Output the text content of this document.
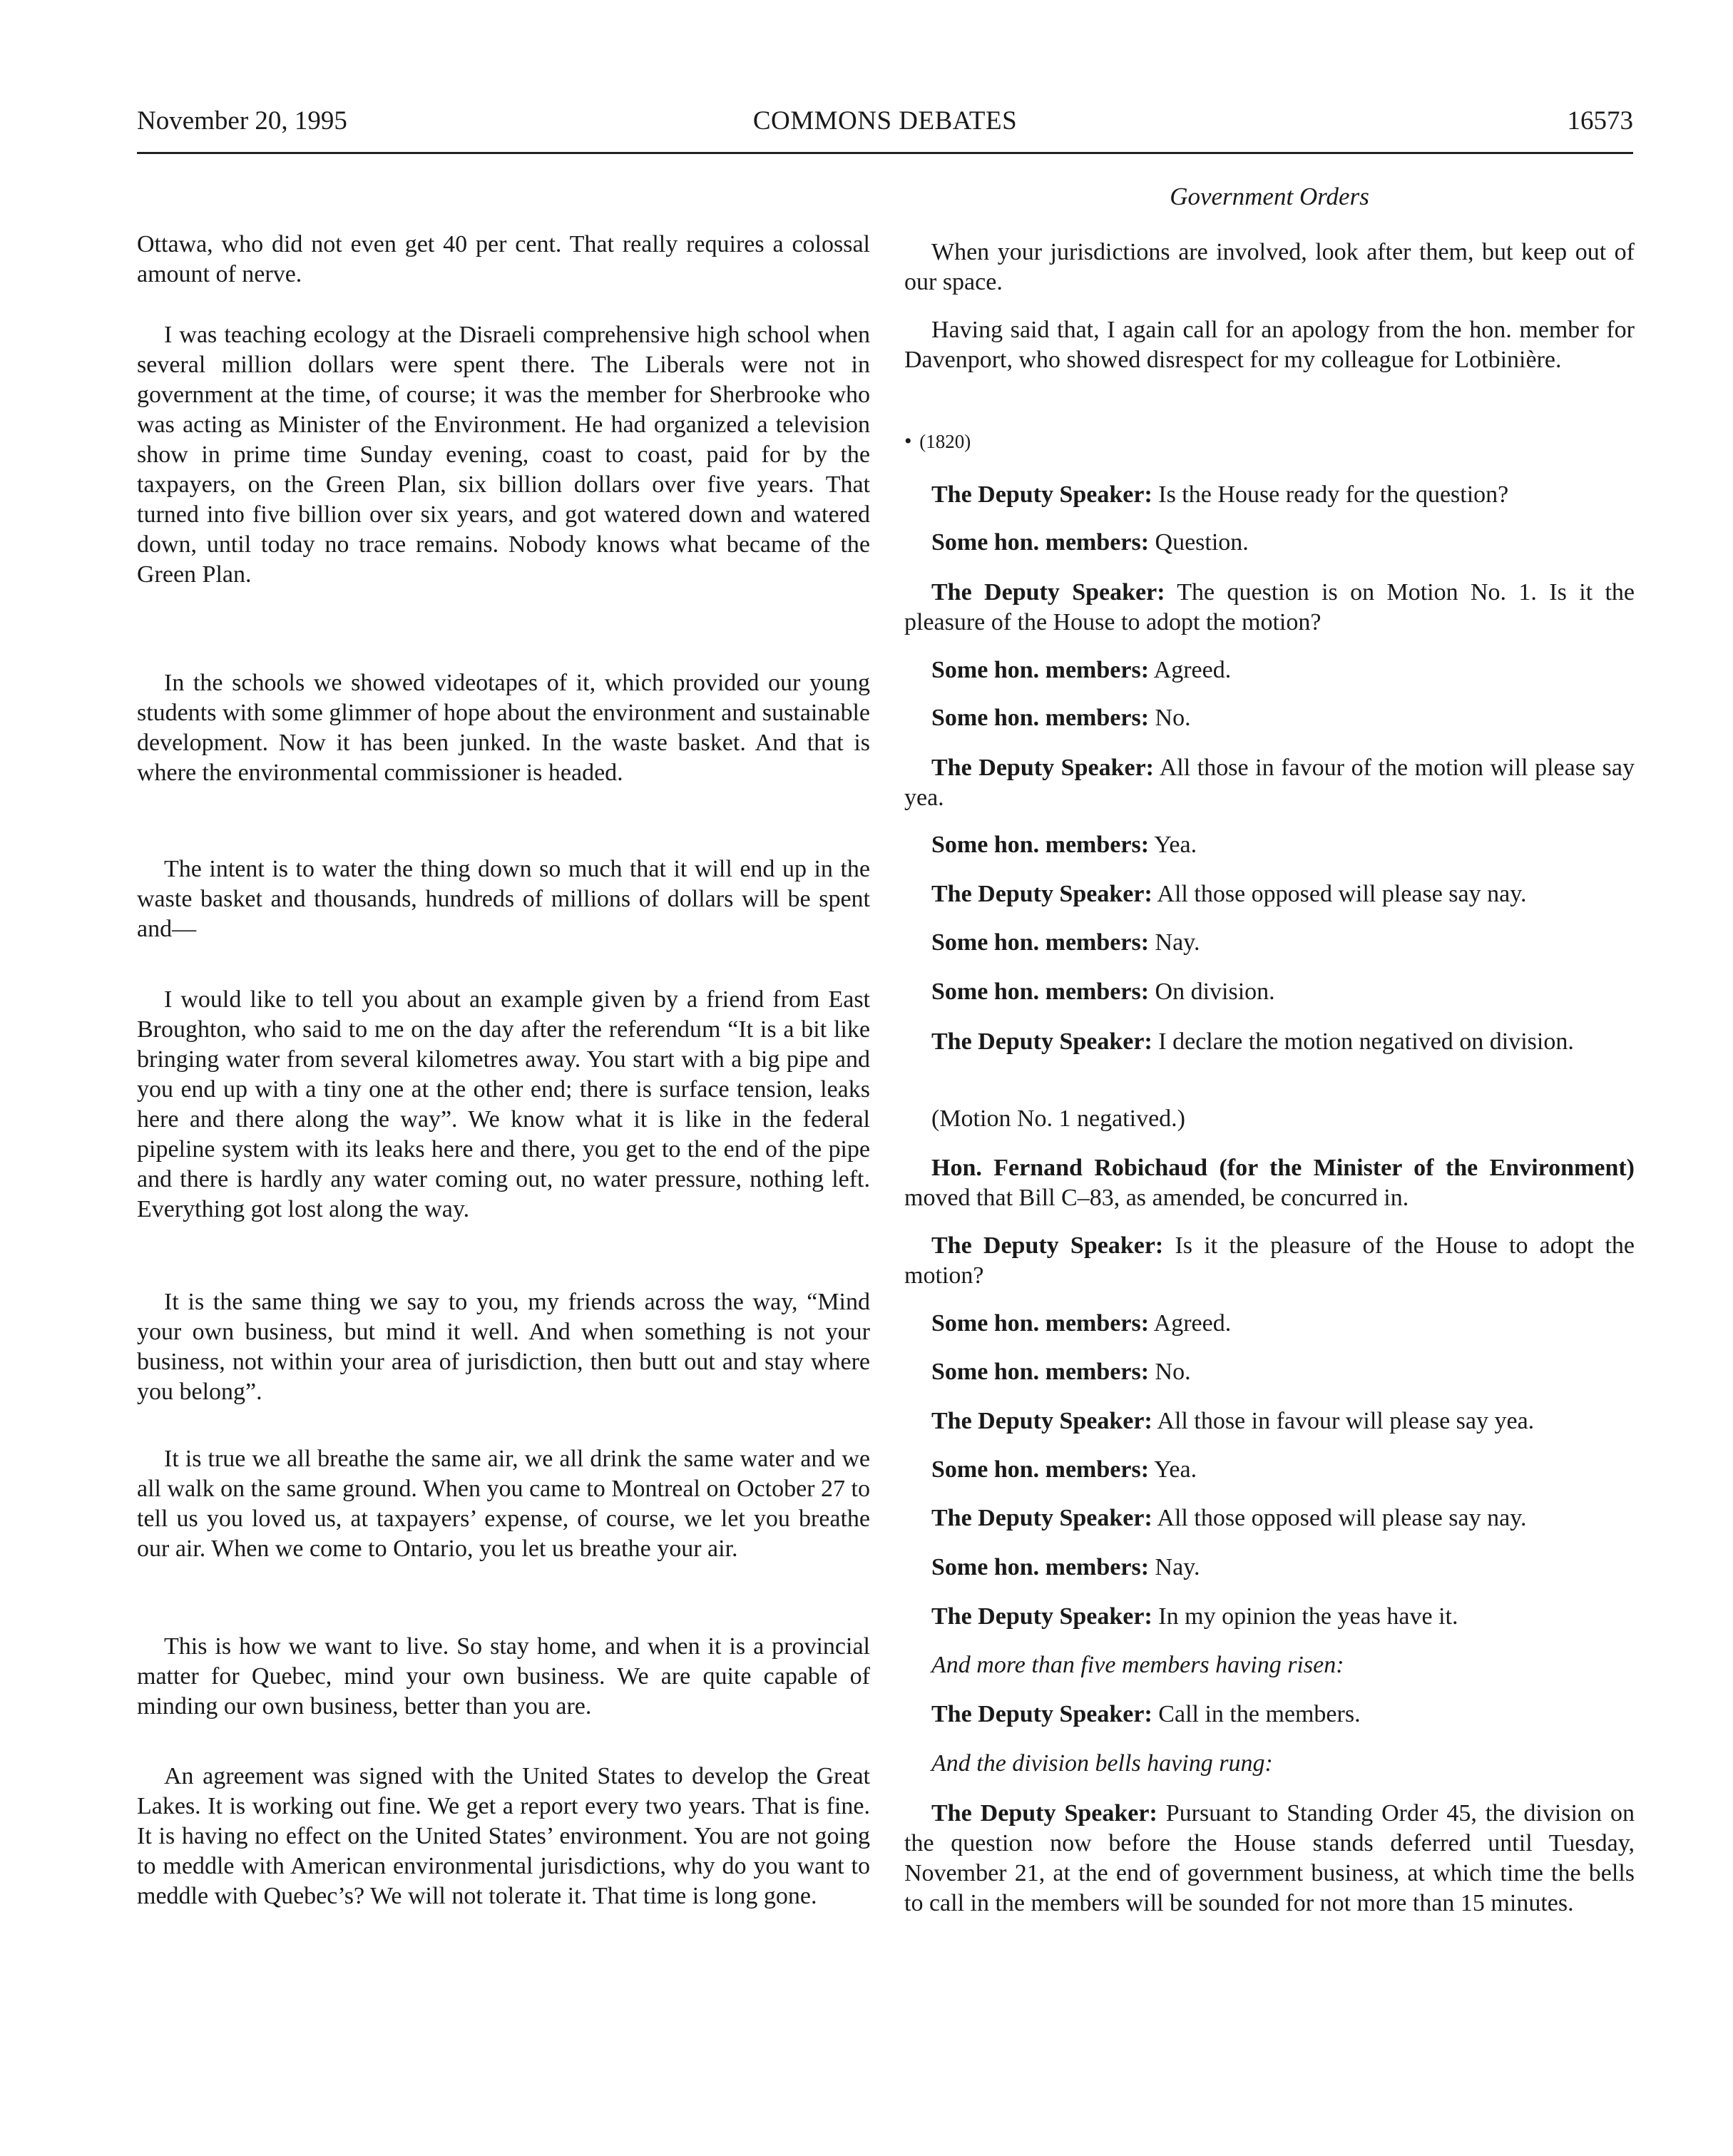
November 20, 1995	COMMONS DEBATES	16573

Ottawa, who did not even get 40 per cent. That really requires a colossal amount of nerve.

I was teaching ecology at the Disraeli comprehensive high school when several million dollars were spent there. The Liberals were not in government at the time, of course; it was the member for Sherbrooke who was acting as Minister of the Environment. He had organized a television show in prime time Sunday evening, coast to coast, paid for by the taxpayers, on the Green Plan, six billion dollars over five years. That turned into five billion over six years, and got watered down and watered down, until today no trace remains. Nobody knows what became of the Green Plan.

In the schools we showed videotapes of it, which provided our young students with some glimmer of hope about the environment and sustainable development. Now it has been junked. In the waste basket. And that is where the environmental commissioner is headed.

The intent is to water the thing down so much that it will end up in the waste basket and thousands, hundreds of millions of dollars will be spent and—

I would like to tell you about an example given by a friend from East Broughton, who said to me on the day after the referendum “It is a bit like bringing water from several kilometres away. You start with a big pipe and you end up with a tiny one at the other end; there is surface tension, leaks here and there along the way”. We know what it is like in the federal pipeline system with its leaks here and there, you get to the end of the pipe and there is hardly any water coming out, no water pressure, nothing left. Everything got lost along the way.

It is the same thing we say to you, my friends across the way, “Mind your own business, but mind it well. And when something is not your business, not within your area of jurisdiction, then butt out and stay where you belong”.

It is true we all breathe the same air, we all drink the same water and we all walk on the same ground. When you came to Montreal on October 27 to tell us you loved us, at taxpayers’ expense, of course, we let you breathe our air. When we come to Ontario, you let us breathe your air.

This is how we want to live. So stay home, and when it is a provincial matter for Quebec, mind your own business. We are quite capable of minding our own business, better than you are.

An agreement was signed with the United States to develop the Great Lakes. It is working out fine. We get a report every two years. That is fine. It is having no effect on the United States’ environment. You are not going to meddle with American environmental jurisdictions, why do you want to meddle with Quebec’s? We will not tolerate it. That time is long gone.

Government Orders

When your jurisdictions are involved, look after them, but keep out of our space.

Having said that, I again call for an apology from the hon. member for Davenport, who showed disrespect for my colleague for Lotbinière.

• (1820)

The Deputy Speaker: Is the House ready for the question?

Some hon. members: Question.

The Deputy Speaker: The question is on Motion No. 1. Is it the pleasure of the House to adopt the motion?

Some hon. members: Agreed.

Some hon. members: No.

The Deputy Speaker: All those in favour of the motion will please say yea.

Some hon. members: Yea.

The Deputy Speaker: All those opposed will please say nay.

Some hon. members: Nay.

Some hon. members: On division.

The Deputy Speaker: I declare the motion negatived on division.

(Motion No. 1 negatived.)

Hon. Fernand Robichaud (for the Minister of the Environment) moved that Bill C–83, as amended, be concurred in.

The Deputy Speaker: Is it the pleasure of the House to adopt the motion?

Some hon. members: Agreed.

Some hon. members: No.

The Deputy Speaker: All those in favour will please say yea.

Some hon. members: Yea.

The Deputy Speaker: All those opposed will please say nay.

Some hon. members: Nay.

The Deputy Speaker: In my opinion the yeas have it.

And more than five members having risen:

The Deputy Speaker: Call in the members.

And the division bells having rung:

The Deputy Speaker: Pursuant to Standing Order 45, the division on the question now before the House stands deferred until Tuesday, November 21, at the end of government business, at which time the bells to call in the members will be sounded for not more than 15 minutes.
